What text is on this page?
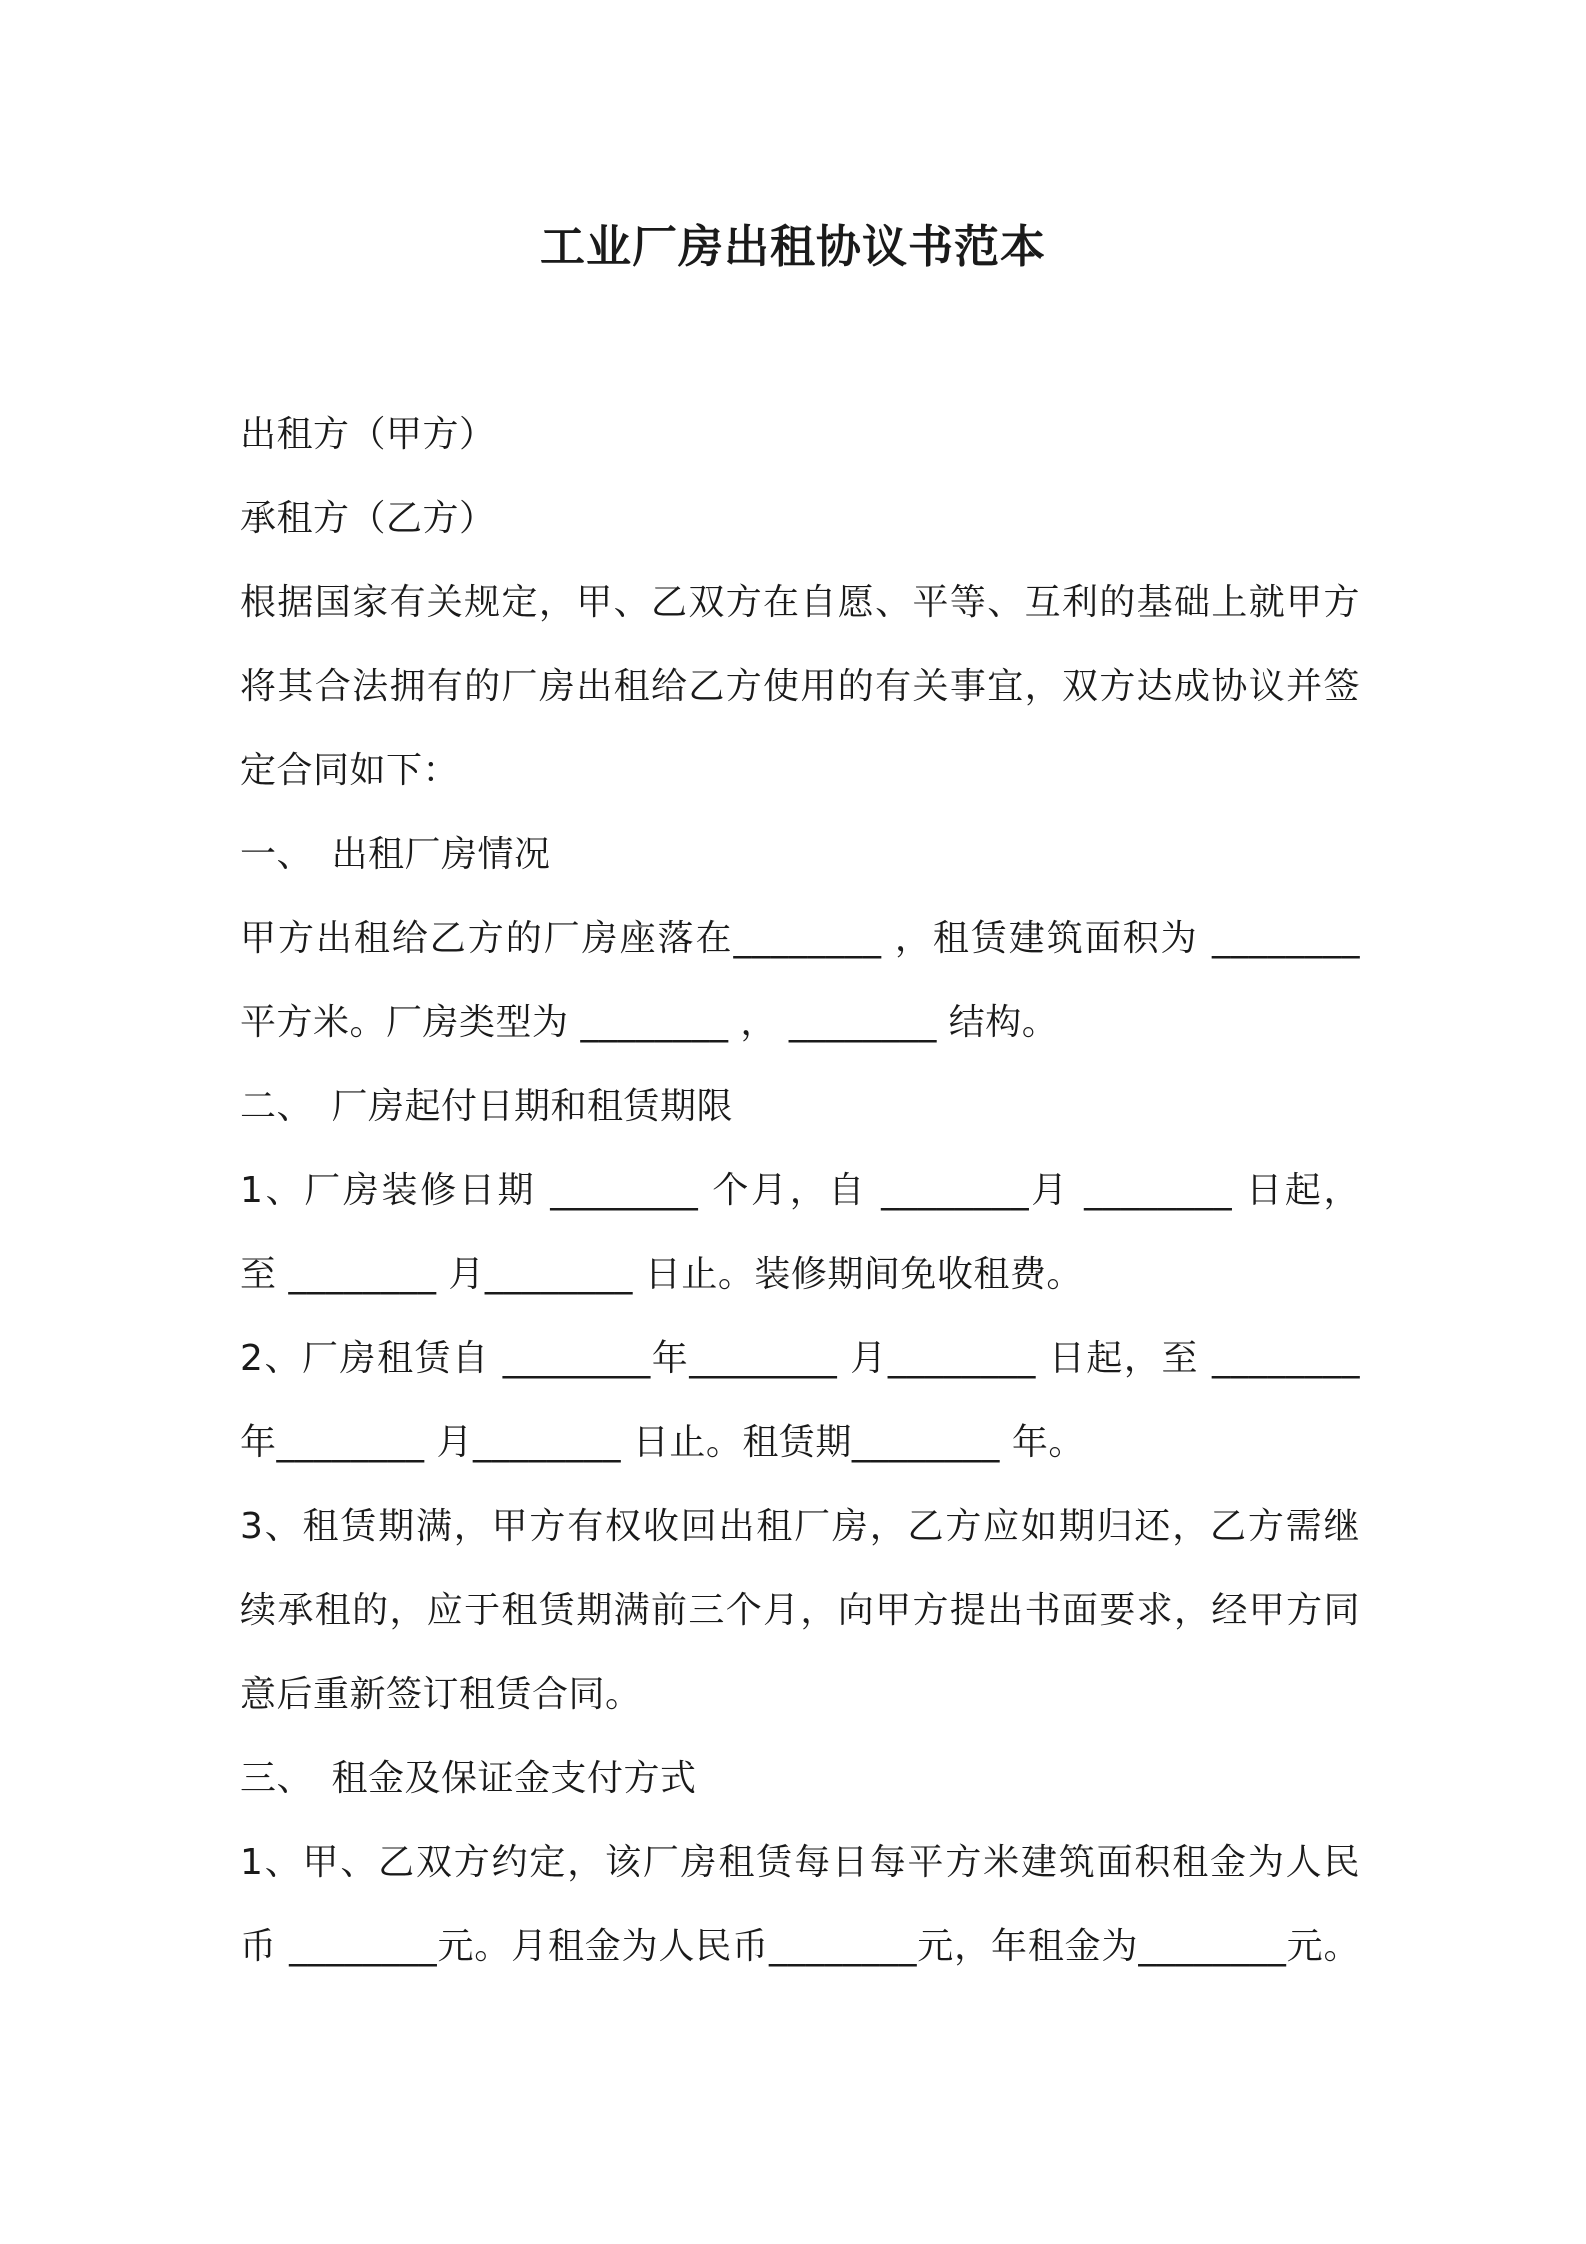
工业厂房出租协议书范本
出租方（甲方）
承租方（乙方）
根据国家有关规定，甲、乙双方在自愿、平等、互利的基础上就甲方
将其合法拥有的厂房出租给乙方使用的有关事宜，双方达成协议并签
定合同如下：
一、　出租厂房情况
甲方出租给乙方的厂房座落在________ ，租赁建筑面积为 ________
平方米。厂房类型为 ________ ， ________ 结构。
二、　厂房起付日期和租赁期限
1、厂房装修日期 ________ 个月，自 ________月 ________ 日起，
至 ________ 月________ 日止。装修期间免收租费。
2、厂房租赁自 ________年________ 月________ 日起，至 ________
年________ 月________ 日止。租赁期________ 年。
3、租赁期满，甲方有权收回出租厂房，乙方应如期归还，乙方需继
续承租的，应于租赁期满前三个月，向甲方提出书面要求，经甲方同
意后重新签订租赁合同。
三、　租金及保证金支付方式
1、甲、乙双方约定，该厂房租赁每日每平方米建筑面积租金为人民
币 ________元。月租金为人民币________元，年租金为________元。
